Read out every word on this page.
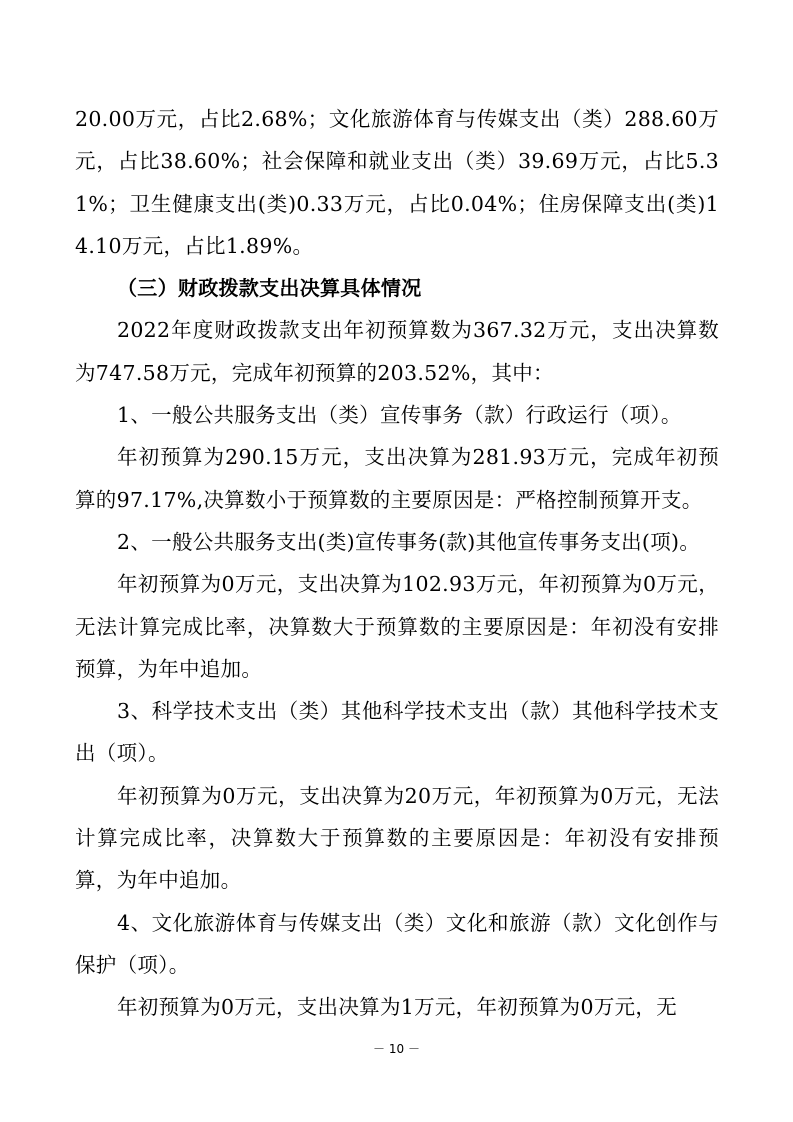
20.00万元，占比2.68%；文化旅游体育与传媒支出（类）288.60万元，占比38.60%；社会保障和就业支出（类）39.69万元，占比5.31%；卫生健康支出(类)0.33万元，占比0.04%；住房保障支出(类)14.10万元，占比1.89%。

（三）财政拨款支出决算具体情况

2022年度财政拨款支出年初预算数为367.32万元，支出决算数为747.58万元，完成年初预算的203.52%，其中：

1、一般公共服务支出（类）宣传事务（款）行政运行（项）。

年初预算为290.15万元，支出决算为281.93万元，完成年初预算的97.17%,决算数小于预算数的主要原因是：严格控制预算开支。

2、一般公共服务支出(类)宣传事务(款)其他宣传事务支出(项)。

年初预算为0万元，支出决算为102.93万元，年初预算为0万元，无法计算完成比率，决算数大于预算数的主要原因是：年初没有安排预算，为年中追加。

3、科学技术支出（类）其他科学技术支出（款）其他科学技术支出（项）。

年初预算为0万元，支出决算为20万元，年初预算为0万元，无法计算完成比率，决算数大于预算数的主要原因是：年初没有安排预算，为年中追加。

4、文化旅游体育与传媒支出（类）文化和旅游（款）文化创作与保护（项）。

年初预算为0万元，支出决算为1万元，年初预算为0万元，无

－ 10 －
